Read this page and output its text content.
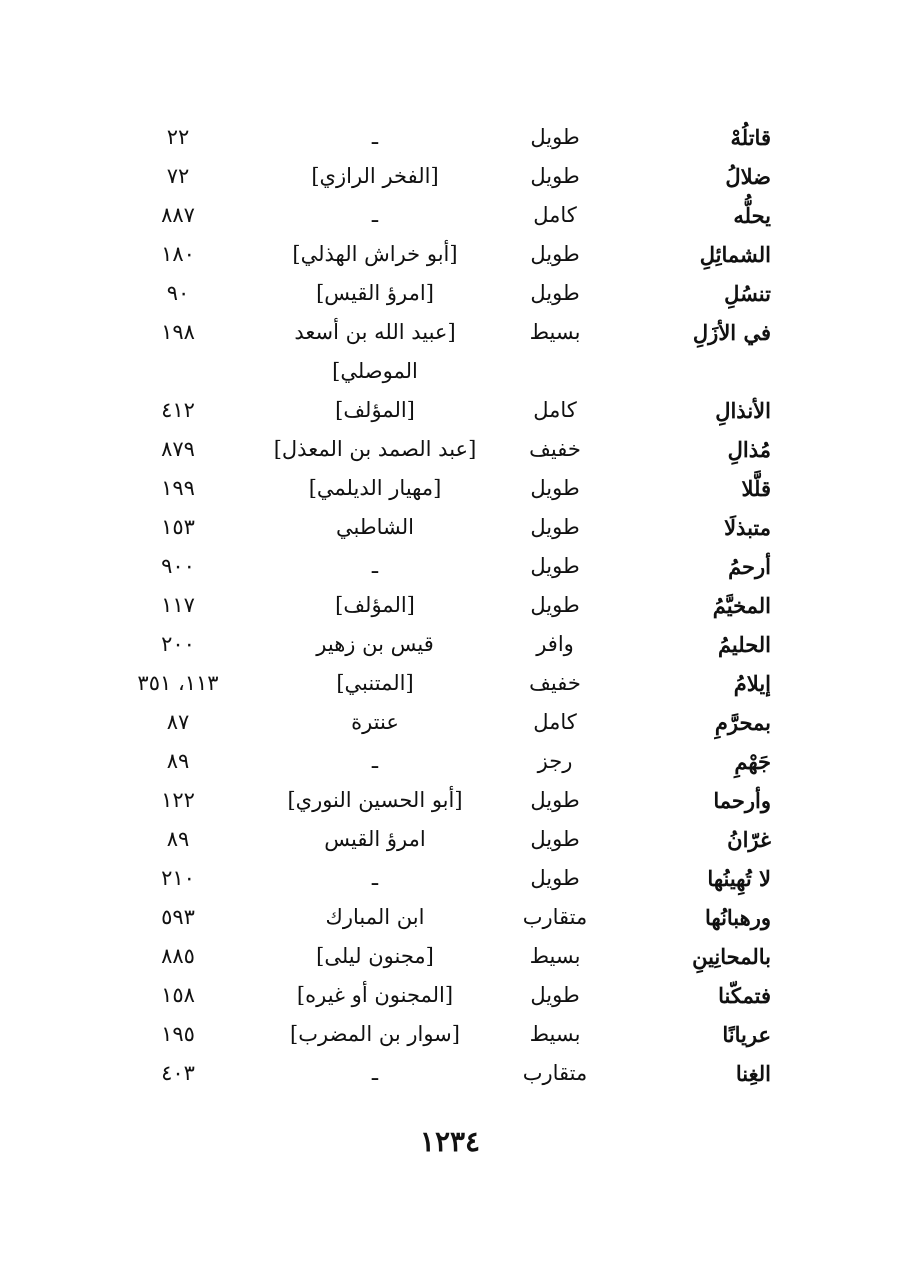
قاتلُهْ
طويل
ـ
٢٢
ضلالُ
طويل
[الفخر الرازي]
٧٢
يحلُّه
كامل
ـ
٨٨٧
الشمائِلِ
طويل
[أبو خراش الهذلي]
١٨٠
تنسُلِ
طويل
[امرؤ القيس]
٩٠
في الأزَلِ
بسيط
[عبيد الله بن أسعد
١٩٨
الموصلي]
الأنذالِ
كامل
[المؤلف]
٤١٢
مُذالِ
خفيف
[عبد الصمد بن المعذل]
٨٧٩
قلَّلا
طويل
[مهيار الديلمي]
١٩٩
متبذلَا
طويل
الشاطبي
١٥٣
أرحمُ
طويل
ـ
٩٠٠
المخيَّمُ
طويل
[المؤلف]
١١٧
الحليمُ
وافر
قيس بن زهير
٢٠٠
إيلامُ
خفيف
[المتنبي]
١١٣، ٣٥١
بمحرَّمِ
كامل
عنترة
٨٧
جَهْمِ
رجز
ـ
٨٩
وأرحما
طويل
[أبو الحسين النوري]
١٢٢
غرّانُ
طويل
امرؤ القيس
٨٩
لا تُهِينُها
طويل
ـ
٢١٠
ورهبانُها
متقارب
ابن المبارك
٥٩٣
بالمحانِينِ
بسيط
[مجنون ليلى]
٨٨٥
فتمكّنا
طويل
[المجنون أو غيره]
١٥٨
عريانًا
بسيط
[سوار بن المضرب]
١٩٥
الغِنا
متقارب
ـ
٤٠٣
١٢٣٤
